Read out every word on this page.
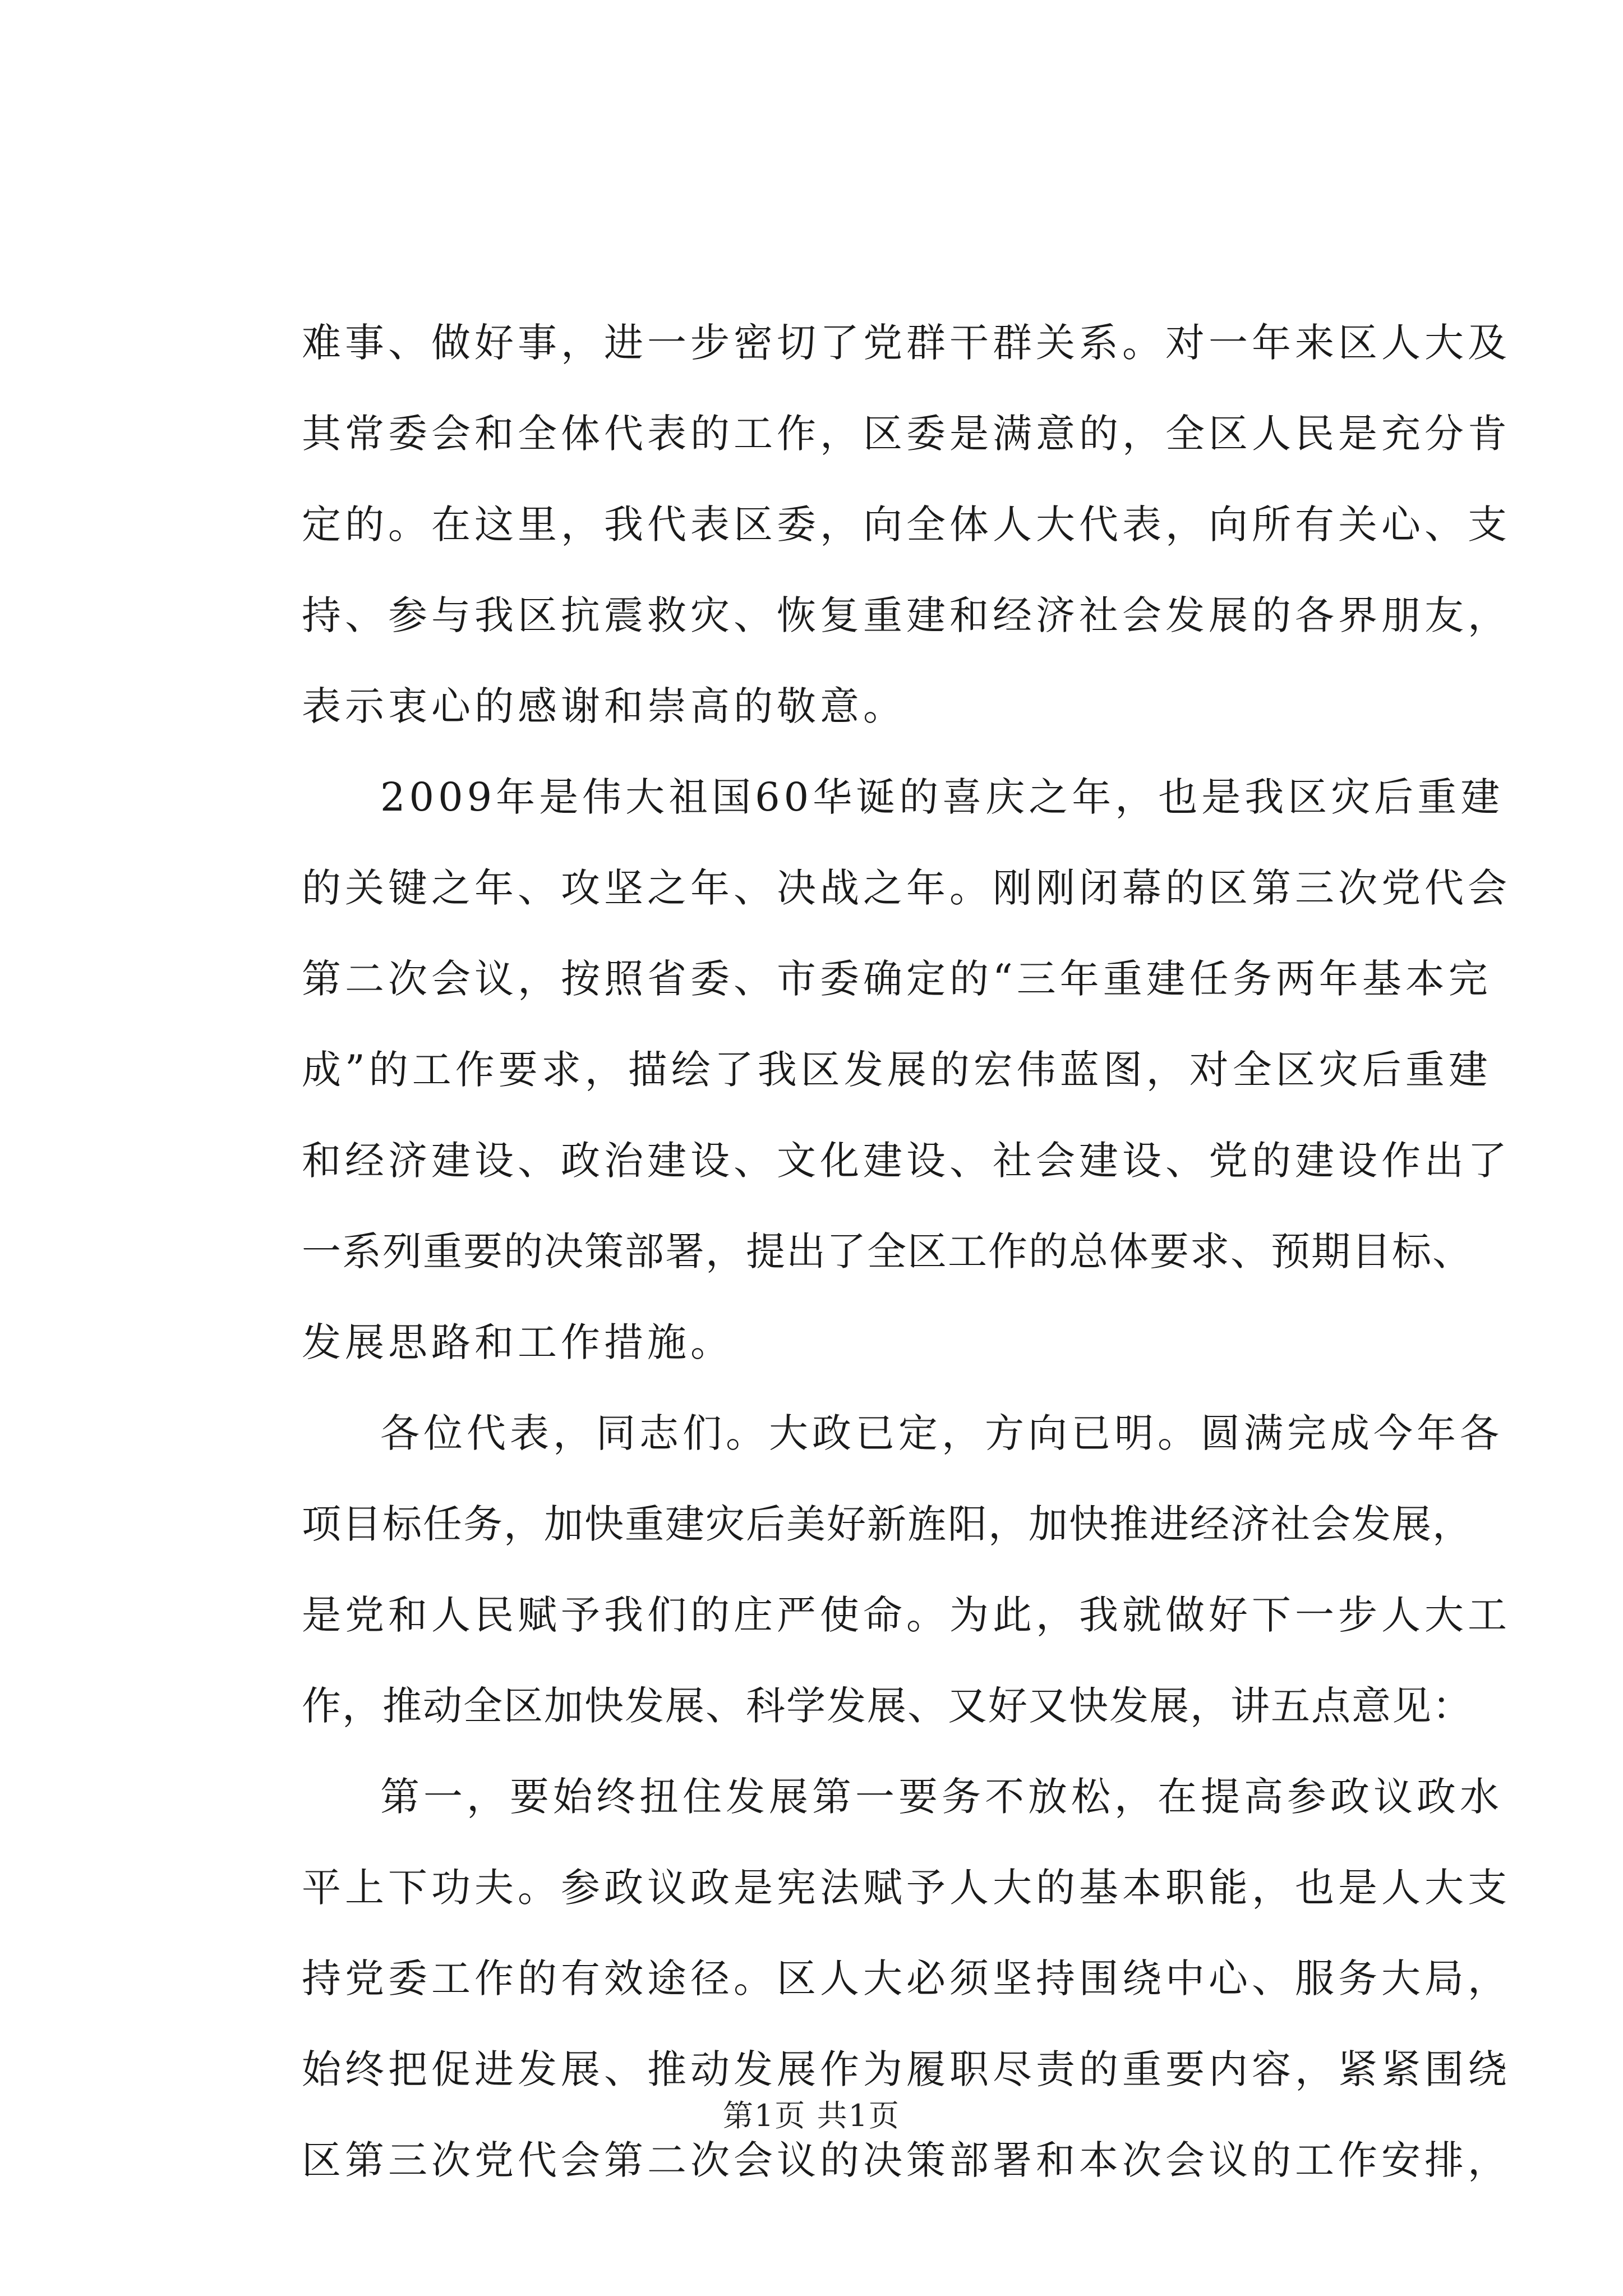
难事、做好事，进一步密切了党群干群关系。对一年来区人大及
其常委会和全体代表的工作，区委是满意的，全区人民是充分肯
定的。在这里，我代表区委，向全体人大代表，向所有关心、支
持、参与我区抗震救灾、恢复重建和经济社会发展的各界朋友，
表示衷心的感谢和崇高的敬意。
2009年是伟大祖国60华诞的喜庆之年，也是我区灾后重建
的关键之年、攻坚之年、决战之年。刚刚闭幕的区第三次党代会
第二次会议，按照省委、市委确定的“三年重建任务两年基本完
成”的工作要求，描绘了我区发展的宏伟蓝图，对全区灾后重建
和经济建设、政治建设、文化建设、社会建设、党的建设作出了
一系列重要的决策部署，提出了全区工作的总体要求、预期目标、
发展思路和工作措施。
各位代表，同志们。大政已定，方向已明。圆满完成今年各
项目标任务，加快重建灾后美好新旌阳，加快推进经济社会发展，
是党和人民赋予我们的庄严使命。为此，我就做好下一步人大工
作，推动全区加快发展、科学发展、又好又快发展，讲五点意见：
第一，要始终扭住发展第一要务不放松，在提高参政议政水
平上下功夫。参政议政是宪法赋予人大的基本职能，也是人大支
持党委工作的有效途径。区人大必须坚持围绕中心、服务大局，
始终把促进发展、推动发展作为履职尽责的重要内容，紧紧围绕
区第三次党代会第二次会议的决策部署和本次会议的工作安排，
第1页 共1页
